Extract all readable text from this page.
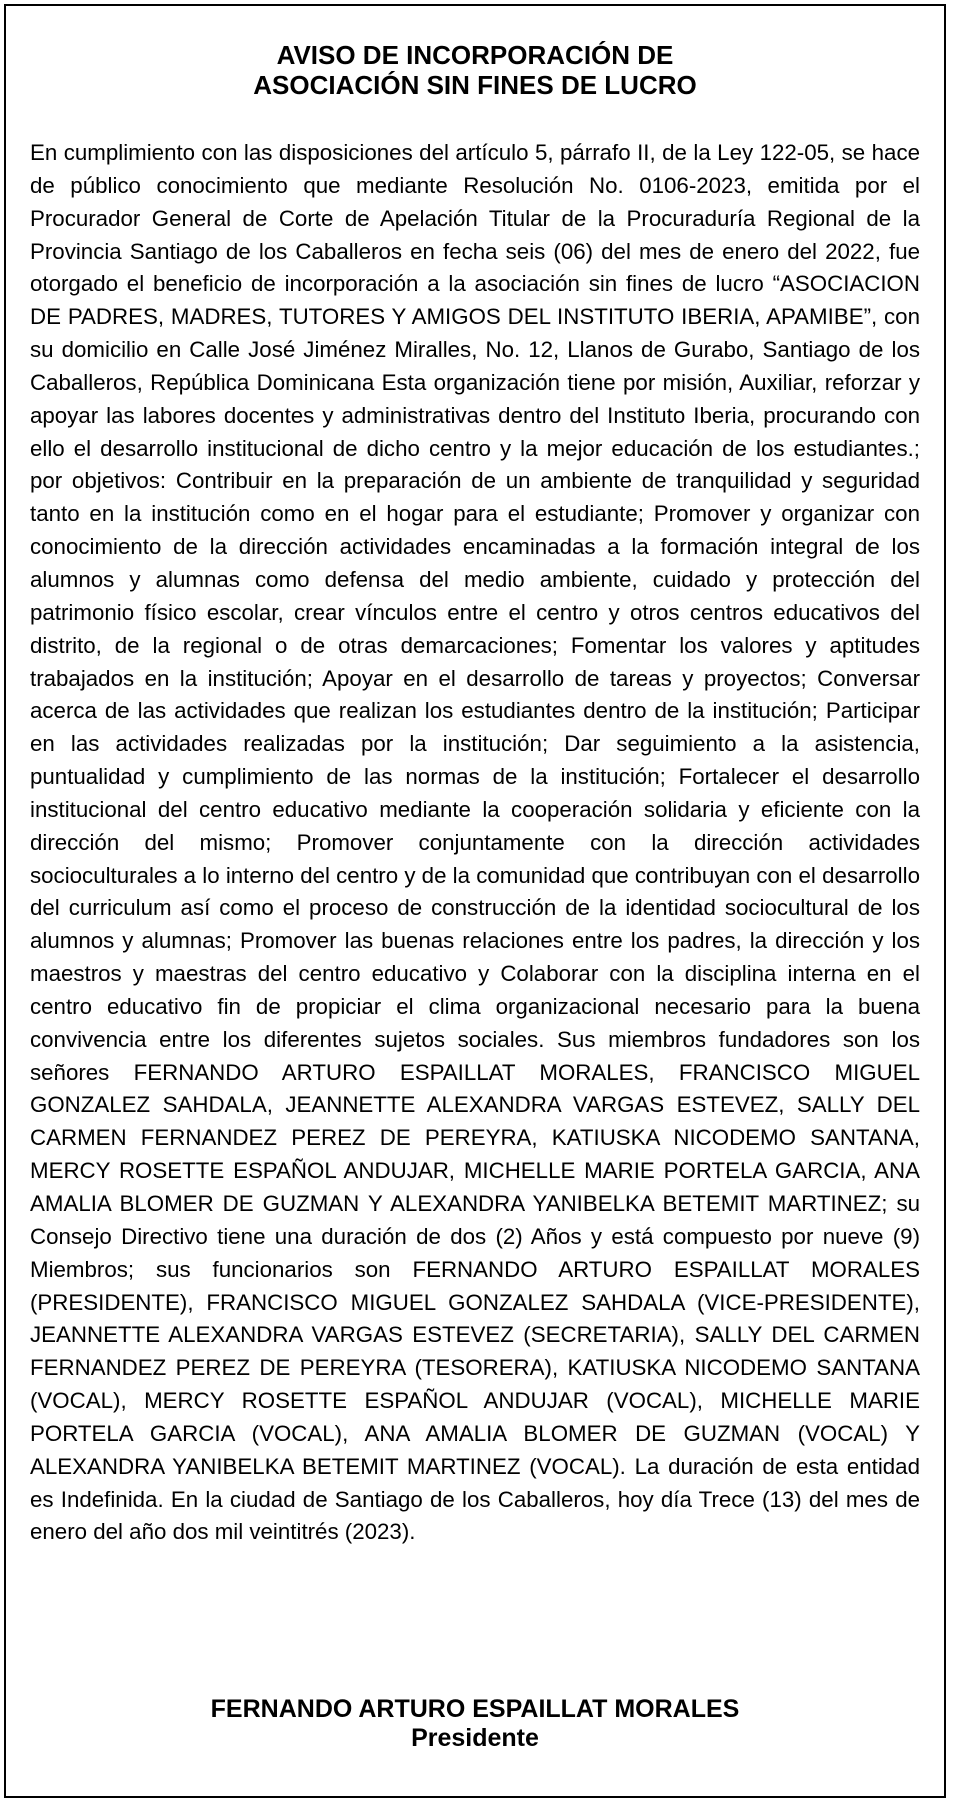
AVISO DE INCORPORACIÓN DE
ASOCIACIÓN SIN FINES DE LUCRO
En cumplimiento con las disposiciones del artículo 5, párrafo II, de la Ley 122-05, se hace de público conocimiento que mediante Resolución No. 0106-2023, emitida por el Procurador General de Corte de Apelación Titular de la Procuraduría Regional de la Provincia Santiago de los Caballeros en fecha seis (06) del mes de enero del 2022, fue otorgado el beneficio de incorporación a la asociación sin fines de lucro “ASOCIACION DE PADRES, MADRES, TUTORES Y AMIGOS DEL INSTITUTO IBERIA, APAMIBE”, con su domicilio en Calle José Jiménez Miralles, No. 12, Llanos de Gurabo, Santiago de los Caballeros, República Dominicana Esta organización tiene por misión, Auxiliar, reforzar y apoyar las labores docentes y administrativas dentro del Instituto Iberia, procurando con ello el desarrollo institucional de dicho centro y la mejor educación de los estudiantes.; por objetivos: Contribuir en la preparación de un ambiente de tranquilidad y seguridad tanto en la institución como en el hogar para el estudiante; Promover y organizar con conocimiento de la dirección actividades encaminadas a la formación integral de los alumnos y alumnas como defensa del medio ambiente, cuidado y protección del patrimonio físico escolar, crear vínculos entre el centro y otros centros educativos del distrito, de la regional o de otras demarcaciones; Fomentar los valores y aptitudes trabajados en la institución; Apoyar en el desarrollo de tareas y proyectos; Conversar acerca de las actividades que realizan los estudiantes dentro de la institución; Participar en las actividades realizadas por la institución; Dar seguimiento a la asistencia, puntualidad y cumplimiento de las normas de la institución; Fortalecer el desarrollo institucional del centro educativo mediante la cooperación solidaria y eficiente con la dirección del mismo; Promover conjuntamente con la dirección actividades socioculturales a lo interno del centro y de la comunidad que contribuyan con el desarrollo del curriculum así como el proceso de construcción de la identidad sociocultural de los alumnos y alumnas; Promover las buenas relaciones entre los padres, la dirección y los maestros y maestras del centro educativo y Colaborar con la disciplina interna en el centro educativo fin de propiciar el clima organizacional necesario para la buena convivencia entre los diferentes sujetos sociales. Sus miembros fundadores son los señores FERNANDO ARTURO ESPAILLAT MORALES, FRANCISCO MIGUEL GONZALEZ SAHDALA, JEANNETTE ALEXANDRA VARGAS ESTEVEZ, SALLY DEL CARMEN FERNANDEZ PEREZ DE PEREYRA, KATIUSKA NICODEMO SANTANA, MERCY ROSETTE ESPAÑOL ANDUJAR, MICHELLE MARIE PORTELA GARCIA, ANA AMALIA BLOMER DE GUZMAN Y ALEXANDRA YANIBELKA BETEMIT MARTINEZ; su Consejo Directivo tiene una duración de dos (2) Años y está compuesto por nueve (9) Miembros; sus funcionarios son FERNANDO ARTURO ESPAILLAT MORALES (PRESIDENTE), FRANCISCO MIGUEL GONZALEZ SAHDALA (VICE-PRESIDENTE), JEANNETTE ALEXANDRA VARGAS ESTEVEZ (SECRETARIA), SALLY DEL CARMEN FERNANDEZ PEREZ DE PEREYRA (TESORERA), KATIUSKA NICODEMO SANTANA (VOCAL), MERCY ROSETTE ESPAÑOL ANDUJAR (VOCAL), MICHELLE MARIE PORTELA GARCIA (VOCAL), ANA AMALIA BLOMER DE GUZMAN (VOCAL) Y ALEXANDRA YANIBELKA BETEMIT MARTINEZ (VOCAL). La duración de esta entidad es Indefinida. En la ciudad de Santiago de los Caballeros, hoy día Trece (13) del mes de enero del año dos mil veintitrés (2023).
FERNANDO ARTURO ESPAILLAT MORALES
Presidente
